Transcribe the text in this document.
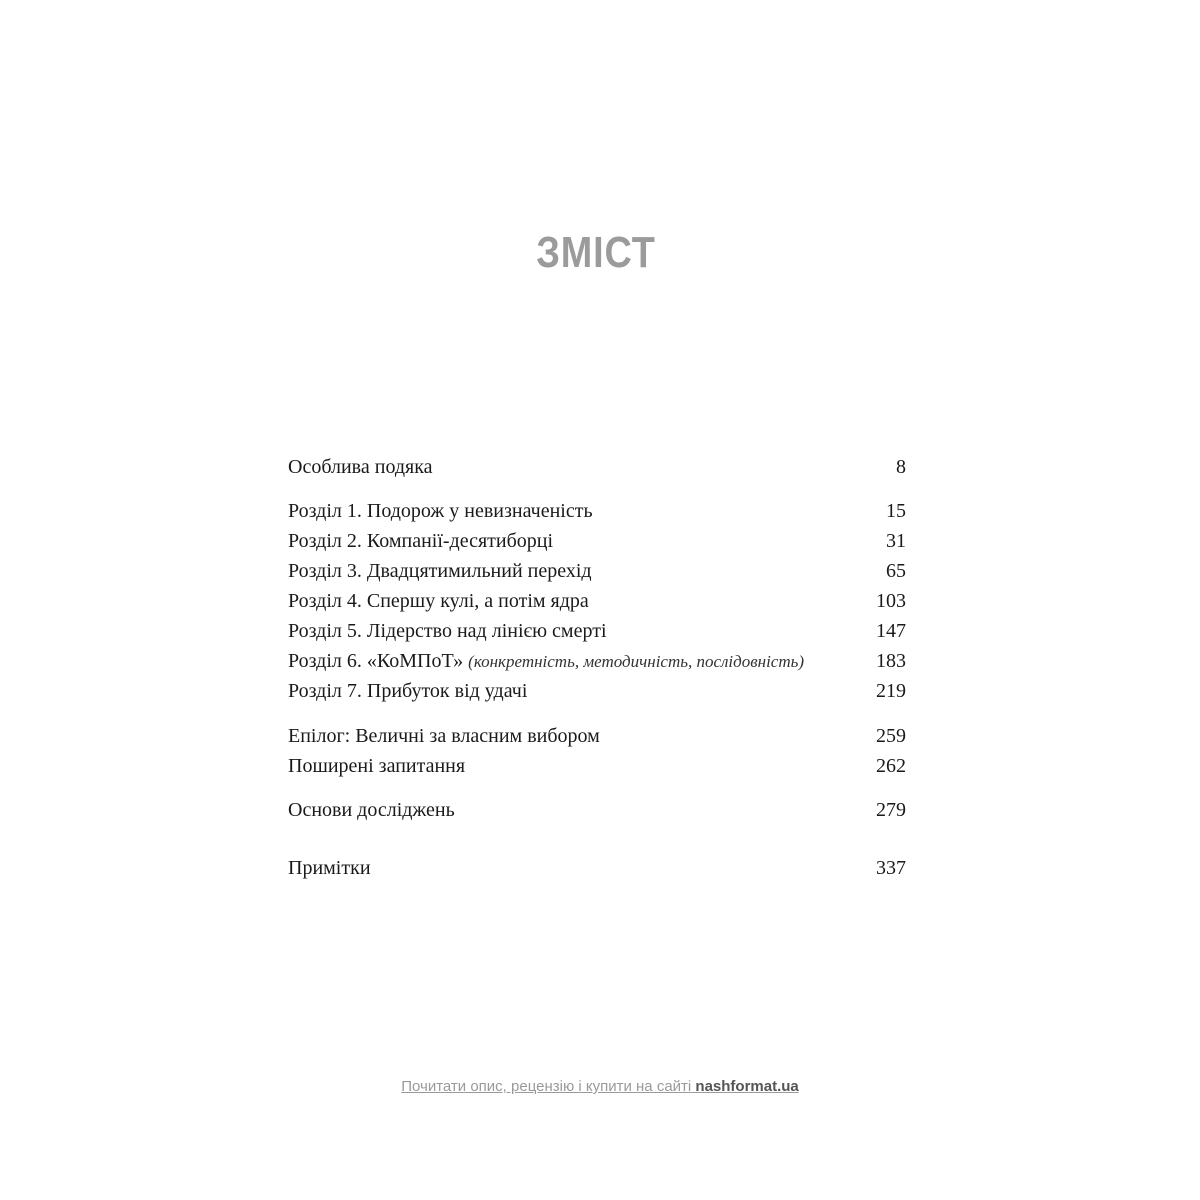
ЗМІСТ
Особлива подяка	8
Розділ 1. Подорож у невизначеність	15
Розділ 2. Компанії-десятиборці	31
Розділ 3. Двадцятимильний перехід	65
Розділ 4. Спершу кулі, а потім ядра	103
Розділ 5. Лідерство над лінією смерті	147
Розділ 6. «КоМПоТ» (конкретність, методичність, послідовність)	183
Розділ 7. Прибуток від удачі	219
Епілог: Величні за власним вибором	259
Поширені запитання	262
Основи досліджень	279
Примітки	337
Почитати опис, рецензію і купити на сайті nashformat.ua
